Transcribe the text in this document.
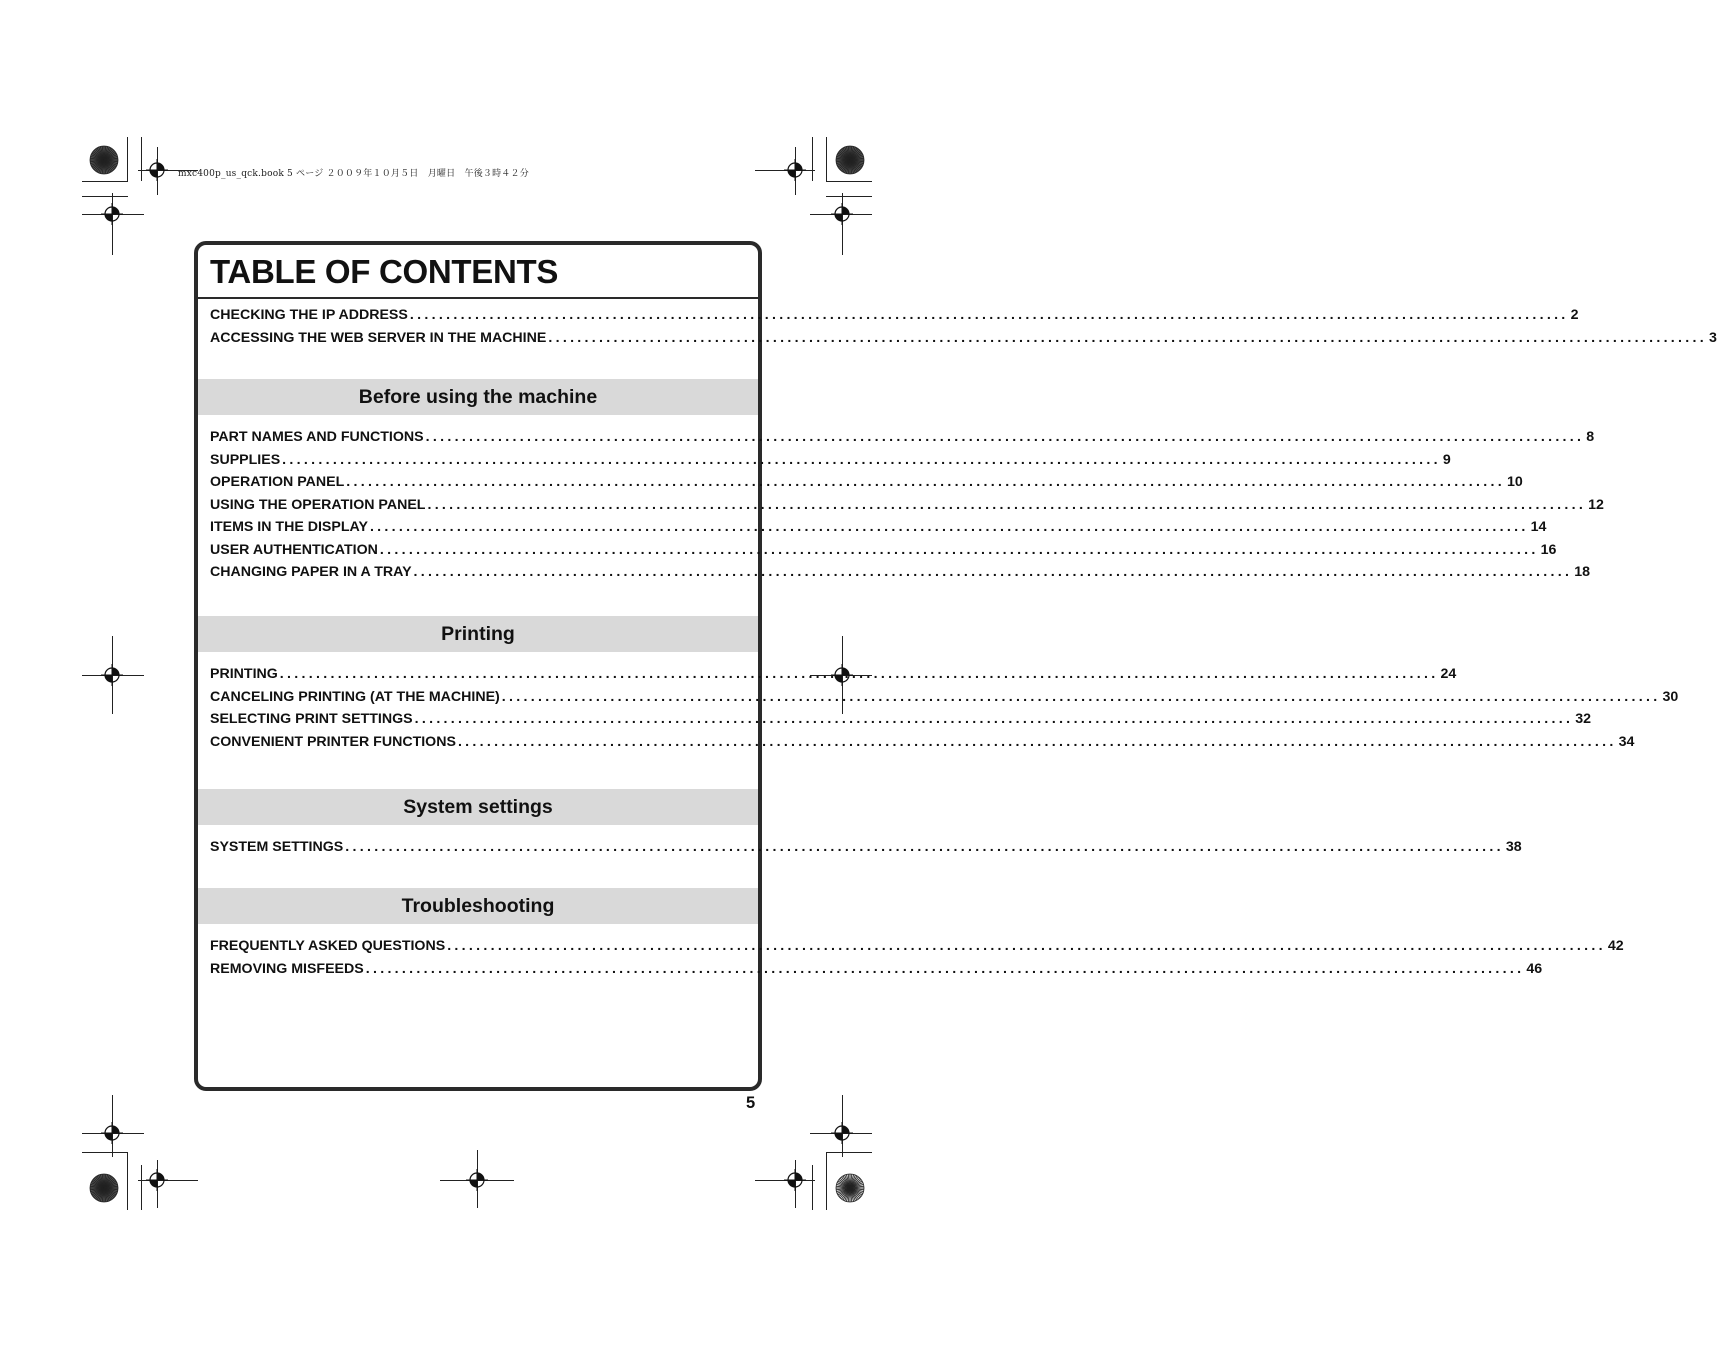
mxc400p_us_qck.book 5 ページ ２００９年１０月５日　月曜日　午後３時４２分
TABLE OF CONTENTS
CHECKING THE IP ADDRESS ................................................................................................................................................................ 2
ACCESSING THE WEB SERVER IN THE MACHINE ................................................................................................................................................................ 3
Before using the machine
PART NAMES AND FUNCTIONS ................................................................................................................................................................ 8
SUPPLIES ................................................................................................................................................................ 9
OPERATION PANEL ................................................................................................................................................................ 10
USING THE OPERATION PANEL ................................................................................................................................................................ 12
ITEMS IN THE DISPLAY ................................................................................................................................................................ 14
USER AUTHENTICATION ................................................................................................................................................................ 16
CHANGING PAPER IN A TRAY ................................................................................................................................................................ 18
Printing
PRINTING ................................................................................................................................................................ 24
CANCELING PRINTING (AT THE MACHINE) ................................................................................................................................................................ 30
SELECTING PRINT SETTINGS ................................................................................................................................................................ 32
CONVENIENT PRINTER FUNCTIONS ................................................................................................................................................................ 34
System settings
SYSTEM SETTINGS ................................................................................................................................................................ 38
Troubleshooting
FREQUENTLY ASKED QUESTIONS ................................................................................................................................................................ 42
REMOVING MISFEEDS ................................................................................................................................................................ 46
5
